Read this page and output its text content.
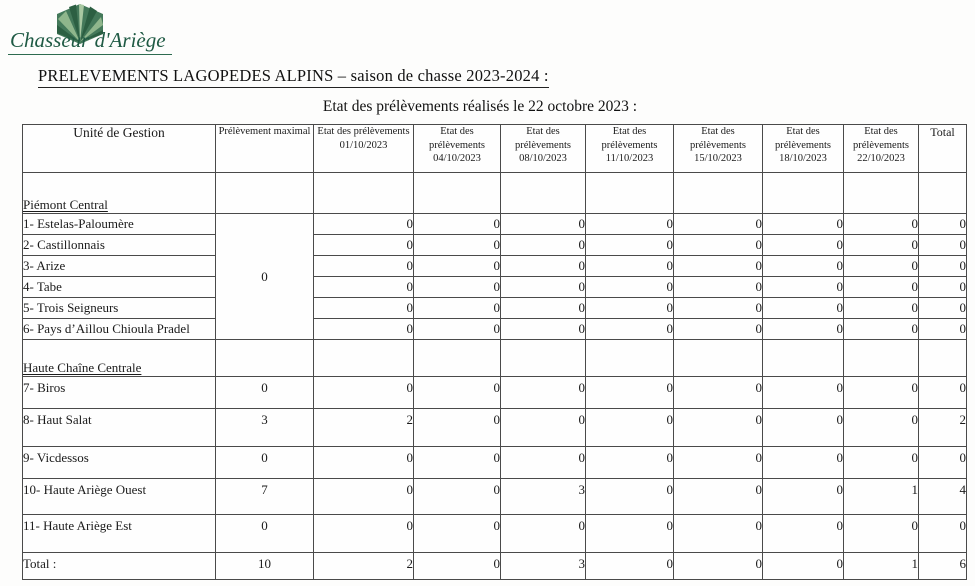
Chasseur d'Ariège
PRELEVEMENTS LAGOPEDES ALPINS – saison de chasse 2023-2024 :
Etat des prélèvements réalisés le 22 octobre 2023 :
Unité de Gestion	Prélèvement maximal	Etat des prélèvements 01/10/2023	Etat des prélèvements 04/10/2023	Etat des prélèvements 08/10/2023	Etat des prélèvements 11/10/2023	Etat des prélèvements 15/10/2023	Etat des prélèvements 18/10/2023	Etat des prélèvements 22/10/2023	Total
Piémont Central									
1- Estelas-Paloumère	0	0	0	0	0	0	0	0	0
2- Castillonnais		0	0	0	0	0	0	0	0
3- Arize		0	0	0	0	0	0	0	0
4- Tabe		0	0	0	0	0	0	0	0
5- Trois Seigneurs		0	0	0	0	0	0	0	0
6- Pays d’Aillou Chioula Pradel		0	0	0	0	0	0	0	0
Haute Chaîne Centrale									
7- Biros	0	0	0	0	0	0	0	0	0
8- Haut Salat	3	2	0	0	0	0	0	0	2
9- Vicdessos	0	0	0	0	0	0	0	0	0
10- Haute Ariège Ouest	7	0	0	3	0	0	0	1	4
11- Haute Ariège Est	0	0	0	0	0	0	0	0	0
Total :	10	2	0	3	0	0	0	1	6
